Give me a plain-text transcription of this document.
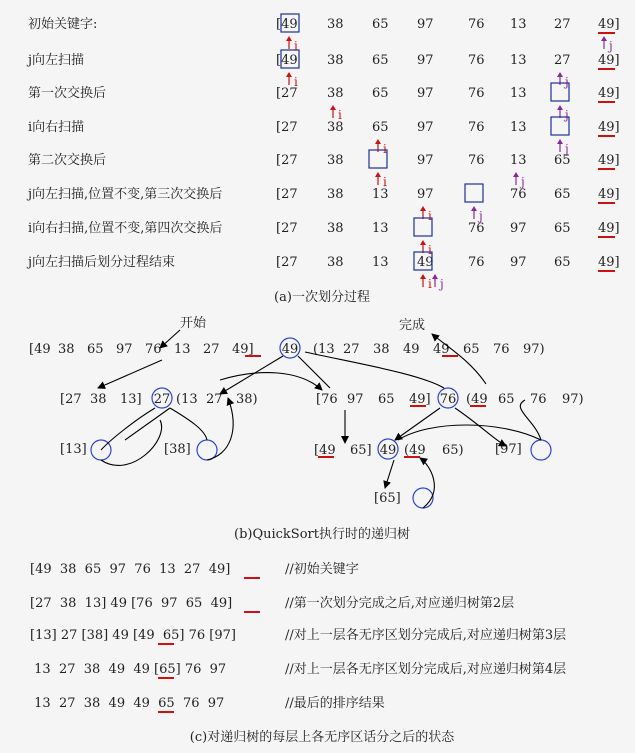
初始关键字:	[49 38 65 97	76 13 27 49]
i	j
j向左扫描	[49 38 65 97	76 13 27 49]
i	j
第一次交换后	[27 38 65 97	76 13	49]
i	j
i向右扫描	[27 38 65 97	76 13	49]
i	j
第二次交换后	[27 38	97	76 13 65 49]
i	j
j向左扫描,位置不变,第三次交换后	[27 38 13 97	76 65 49]
i	j
i向右扫描,位置不变,第四次交换后	[27 38 13	76 97 65 49]
i
j向左扫描后划分过程结束	[27 38 13 49	76 97 65 49]
i j
(a)一次划分过程
开始	完成
[49 38 65 97 76 13 27 49] 49 (13 27 38 49 49 65 76 97)
[27 38 13] 27 (13 27 38)	[76 97 65 49] 76 (49 65 76 97)
[13]	[38]	[49 65] 49 (49 65) [97]
[65]
(b)QuickSort执行时的递归树
[49  38  65  97  76  13  27  49]	//初始关键字
[27  38  13] 49 [76  97  65  49]	//第一次划分完成之后,对应递归树第2层
[13] 27 [38] 49 [49  65] 76 [97]	//对上一层各无序区划分完成后,对应递归树第3层
13  27  38  49  49 [65] 76  97	//对上一层各无序区划分完成后,对应递归树第4层
13  27  38  49  49  65  76  97	//最后的排序结果
(c)对递归树的每层上各无序区话分之后的状态
